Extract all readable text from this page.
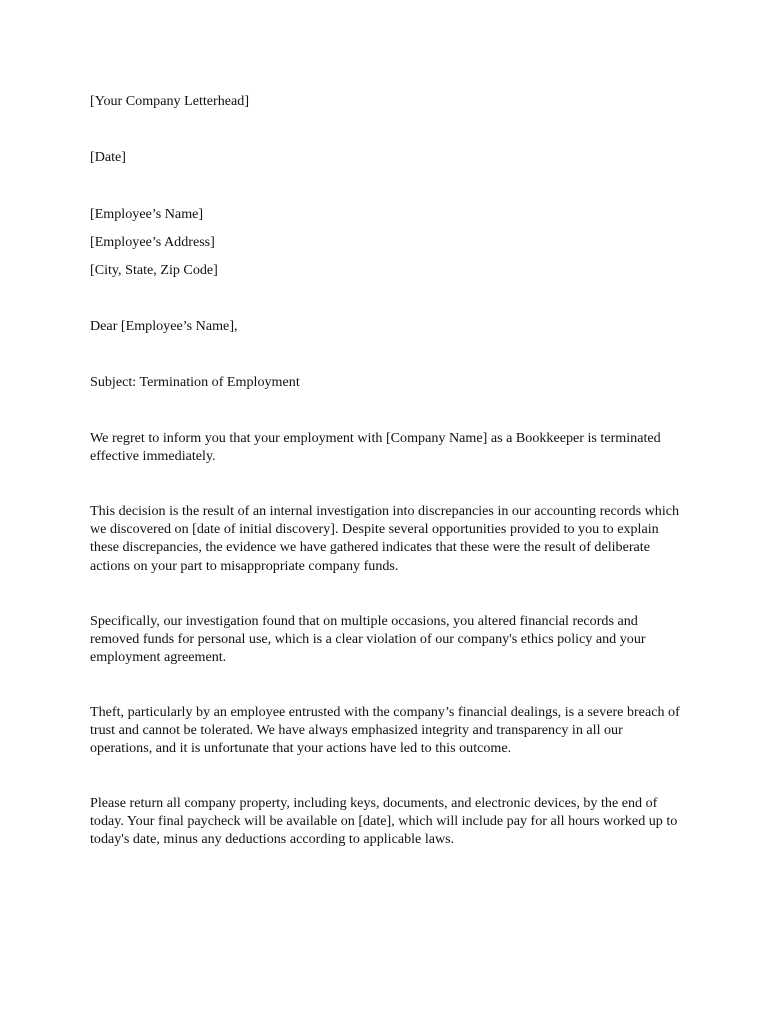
[Your Company Letterhead]

[Date]

[Employee’s Name]

[Employee’s Address]

[City, State, Zip Code]

Dear [Employee’s Name],

Subject: Termination of Employment

We regret to inform you that your employment with [Company Name] as a Bookkeeper is terminated effective immediately.

This decision is the result of an internal investigation into discrepancies in our accounting records which we discovered on [date of initial discovery]. Despite several opportunities provided to you to explain these discrepancies, the evidence we have gathered indicates that these were the result of deliberate actions on your part to misappropriate company funds.

Specifically, our investigation found that on multiple occasions, you altered financial records and removed funds for personal use, which is a clear violation of our company's ethics policy and your employment agreement.

Theft, particularly by an employee entrusted with the company’s financial dealings, is a severe breach of trust and cannot be tolerated. We have always emphasized integrity and transparency in all our operations, and it is unfortunate that your actions have led to this outcome.

Please return all company property, including keys, documents, and electronic devices, by the end of today. Your final paycheck will be available on [date], which will include pay for all hours worked up to today's date, minus any deductions according to applicable laws.
